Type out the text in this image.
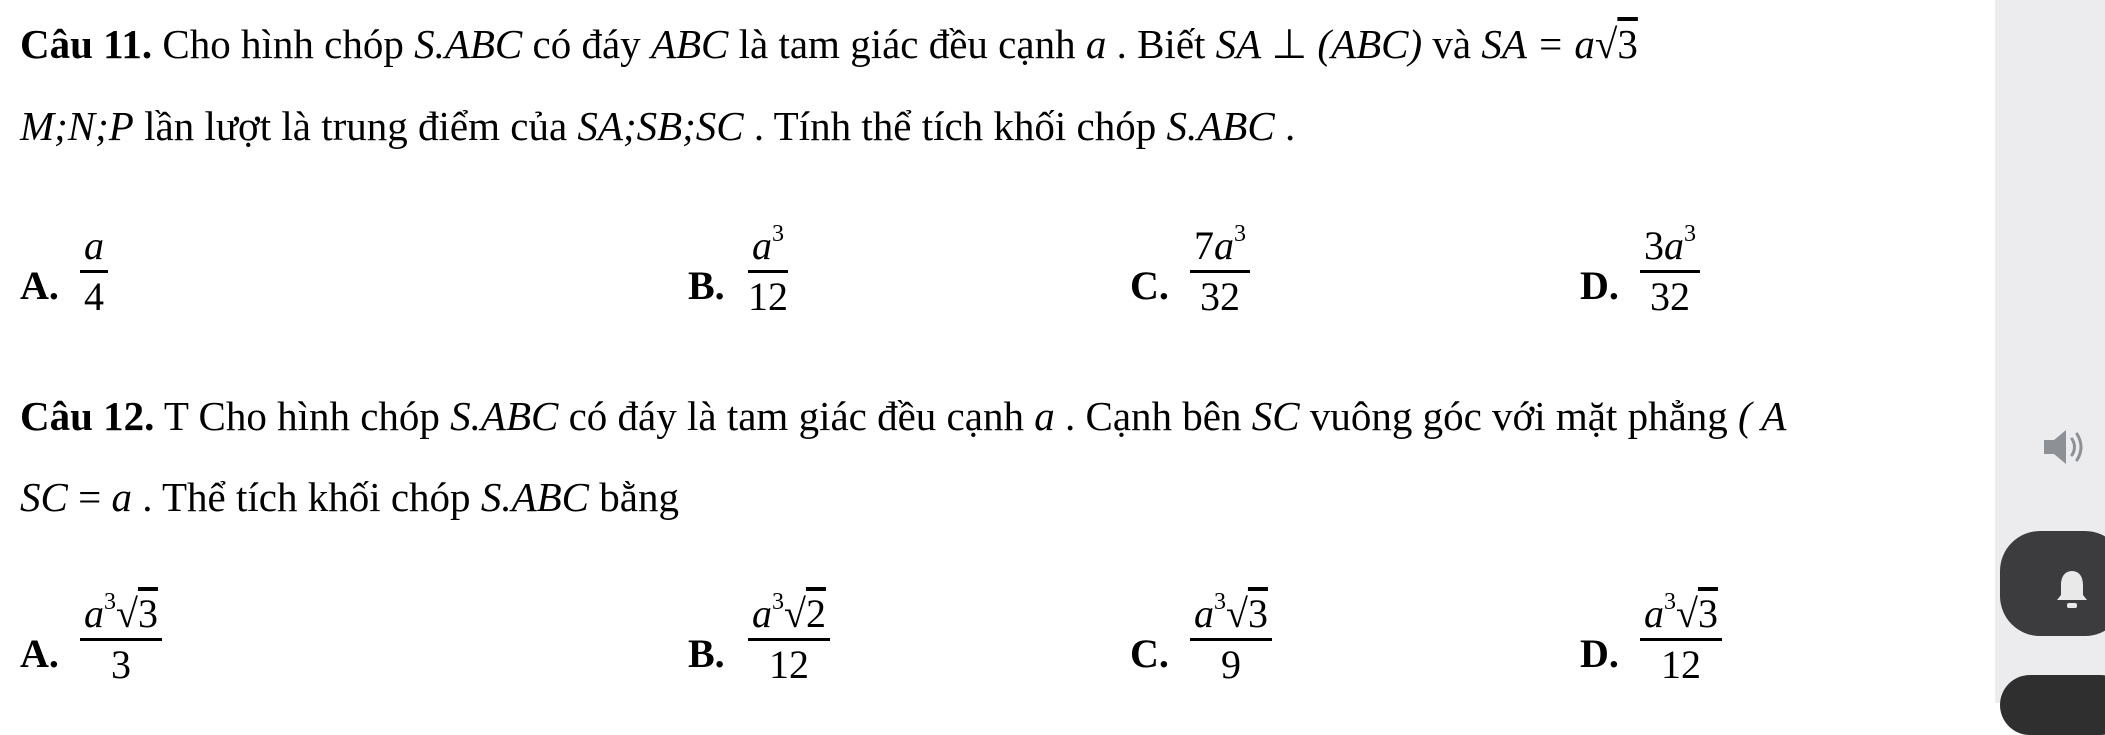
Câu 11. Cho hình chóp S.ABC có đáy ABC là tam giác đều cạnh a . Biết SA ⊥ (ABC) và SA = a√3
M;N;P lần lượt là trung điểm của SA;SB;SC . Tính thể tích khối chóp S.ABC .
A.
a
4	B.
$a^3$
12	C.
$7a^3$
32	D.
$3a^3$
32
Câu 12. T Cho hình chóp S.ABC có đáy là tam giác đều cạnh a . Cạnh bên SC vuông góc với mặt phẳng ( A
SC = a . Thể tích khối chóp S.ABC bằng
A.
$a^3√3$
3	B.
$a^3√2$
12	C.
$a^3√3$
9	D.
$a^3√3$
12
